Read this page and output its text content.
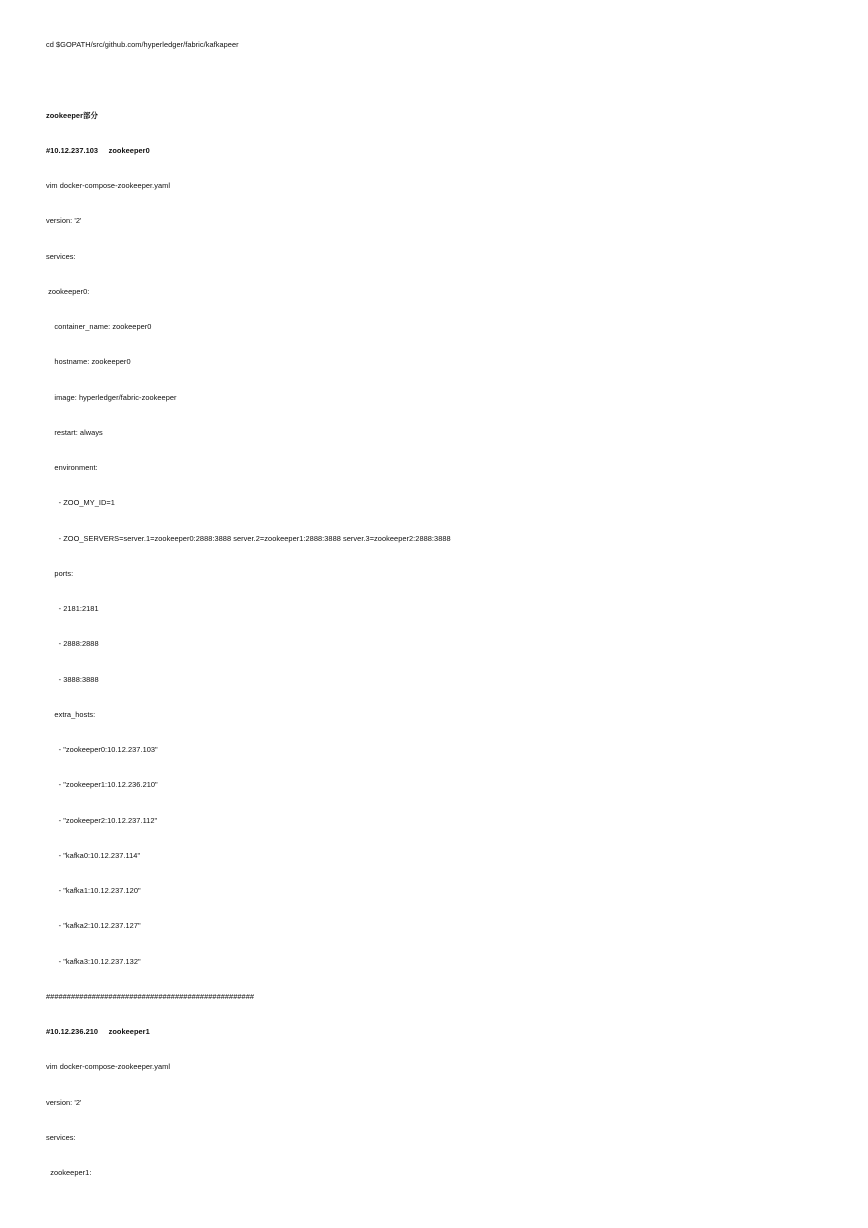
cd $GOPATH/src/github.com/hyperledger/fabric/kafkapeer
zookeeper部分
#10.12.237.103     zookeeper0
vim docker-compose-zookeeper.yaml
version: '2'
services:
zookeeper0:
container_name: zookeeper0
hostname: zookeeper0
image: hyperledger/fabric-zookeeper
restart: always
environment:
- ZOO_MY_ID=1
- ZOO_SERVERS=server.1=zookeeper0:2888:3888 server.2=zookeeper1:2888:3888 server.3=zookeeper2:2888:3888
ports:
- 2181:2181
- 2888:2888
- 3888:3888
extra_hosts:
- "zookeeper0:10.12.237.103"
- "zookeeper1:10.12.236.210"
- "zookeeper2:10.12.237.112"
- "kafka0:10.12.237.114"
- "kafka1:10.12.237.120"
- "kafka2:10.12.237.127"
- "kafka3:10.12.237.132"
##################################################
#10.12.236.210     zookeeper1
vim docker-compose-zookeeper.yaml
version: '2'
services:
zookeeper1:
